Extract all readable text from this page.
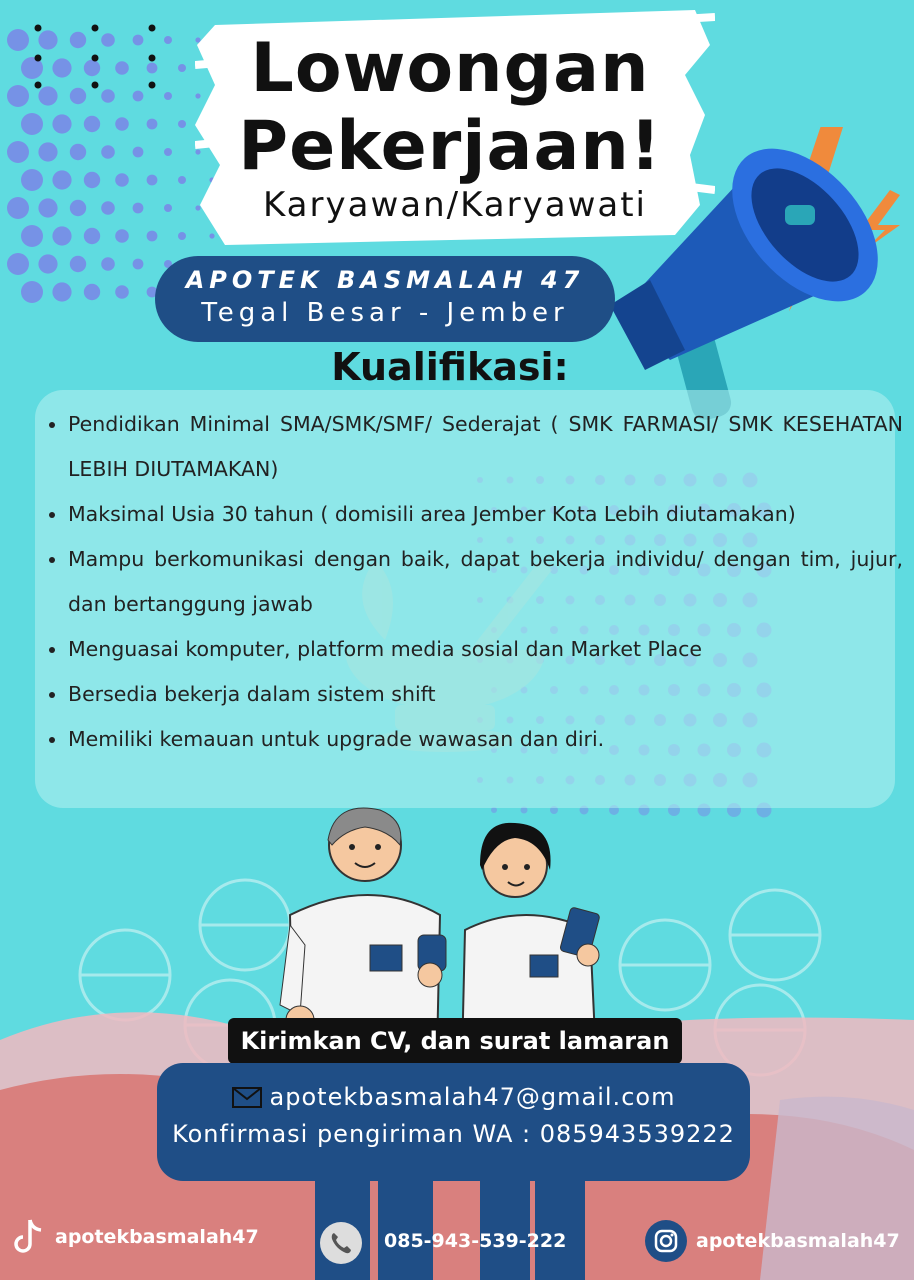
Lowongan
Pekerjaan!
Karyawan/Karyawati
APOTEK BASMALAH 47
Tegal Besar - Jember
Kualifikasi:
• Pendidikan Minimal SMA/SMK/SMF/ Sederajat ( SMK FARMASI/ SMK KESEHATAN LEBIH DIUTAMAKAN)
• Maksimal Usia 30 tahun ( domisili area Jember Kota Lebih diutamakan)
• Mampu berkomunikasi dengan baik, dapat bekerja individu/ dengan tim, jujur, dan bertanggung jawab
• Menguasai komputer, platform media sosial dan Market Place
• Bersedia bekerja dalam sistem shift
• Memiliki kemauan untuk upgrade wawasan dan diri.
Kirimkan CV, dan surat lamaran
apotekbasmalah47@gmail.com
Konfirmasi pengiriman WA : 085943539222
apotekbasmalah47	085-943-539-222	apotekbasmalah47
